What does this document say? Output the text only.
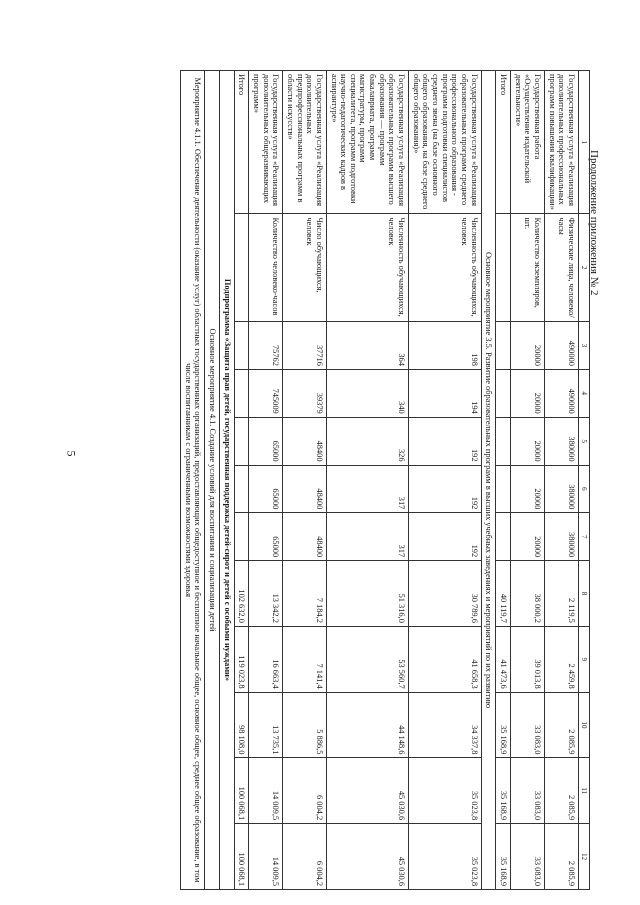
5
Продолжение приложения № 2
1	2	3	4	5	6	7	8	9	10	11	12
Государственная услуга «Реализация дополнительных профессиональных программ повышения квалификации»	Физические лица, человеко/часы	490000	490000	380000	380000	380000	2 119,5	2 459,8	2 085,9	2 085,9	2 085,9
Государственная работа «Осуществление издательской деятельности»	Количество экземпляров, шт.	20000	20000	20000	20000	20000	38 000,2	39 013,8	33 083,0	33 083,0	33 083,0
Итого							40 119,7	41 473,6	35 168,9	35 168,9	35 168,9
Основное мероприятие 3.5. Развитие образовательных программ в высших учебных заведениях и мероприятий по их развитию											
Государственная услуга «Реализация образовательных программ среднего профессионального образования - программ подготовки специалистов среднего звена (на базе основного общего образования, на базе среднего общего образования)»	Численность обучающихся, человек	198	194	192	192	192	30 789,6	41 658,3	34 337,8	35 023,8	35 023,8
Государственная услуга «Реализация образовательных программ высшего образования — программ бакалавриата, программ магистратуры, программ специалитета, программ подготовки научно-педагогических кадров в аспирантуре»	Численность обучающихся, человек	364	340	326	317	317	51 316,0	53 560,7	44 148,6	45 030,6	45 030,6
Государственная услуга «Реализация дополнительных предпрофессиональных программ в области искусств»	Число обучающихся, человек	37716	39379	48400	48400	48400	7 184,2	7 141,4	5 886,5	6 004,2	6 004,2
Государственная услуга «Реализация дополнительных общеразвивающих программ»	Количество человеко-часов	75762	745009	65000	65000	65000	13 342,2	16 663,4	13 735,1	14 009,5	14 009,5
Итого							102 632,0	119 023,8	98 108,0	100 068,1	100 068,1
Подпрограмма «Защита прав детей, государственная поддержка детей-сирот и детей с особыми нуждами»											
Основное мероприятие 4.1. Создание условий для воспитания и социализации детей											
Мероприятие 4.1.1. Обеспечение деятельности (оказание услуг) областных государственных организаций, предоставляющих общедоступное и бесплатное начальное общее, основное общее, среднее общее образование, в том числе воспитанникам с ограниченными возможностями здоровья											
